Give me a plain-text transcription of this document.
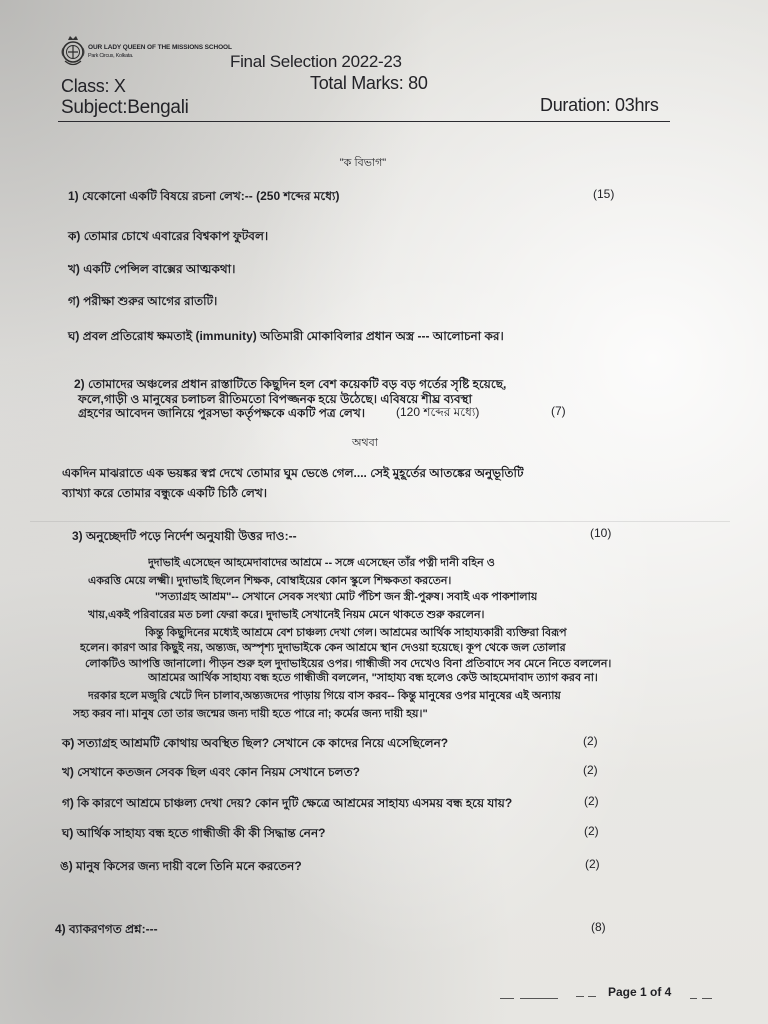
OUR LADY QUEEN OF THE MISSIONS SCHOOL
Park Circus, Kolkata.	Final Selection 2022-23
Class: X	Total Marks: 80
Subject:Bengali	Duration: 03hrs
"ক বিভাগ"
1) যেকোনো একটি বিষয়ে রচনা লেখ:-- (250 শব্দের মধ্যে)	(15)
ক) তোমার চোখে এবারের বিশ্বকাপ ফুটবল।
খ) একটি পেন্সিল বাক্সের আত্মকথা।
গ) পরীক্ষা শুরুর আগের রাতটি।
ঘ) প্রবল প্রতিরোধ ক্ষমতাই (immunity) অতিমারী মোকাবিলার প্রধান অস্ত্র --- আলোচনা কর।
2) তোমাদের অঞ্চলের প্রধান রাস্তাটিতে কিছুদিন হল বেশ কয়েকটি বড় বড় গর্তের সৃষ্টি হয়েছে,
ফলে,গাড়ী ও মানুষের চলাচল রীতিমতো বিপজ্জনক হয়ে উঠেছে। এবিষয়ে শীঘ্র ব্যবস্থা
গ্রহণের আবেদন জানিয়ে পুরসভা কর্তৃপক্ষকে একটি পত্র লেখ।	(120 শব্দের মধ্যে)	(7)
অথবা
একদিন মাঝরাতে এক ভয়ঙ্কর স্বপ্ন দেখে তোমার ঘুম ভেঙে গেল.... সেই মুহূর্তের আতঙ্কের অনুভূতিটি
ব্যাখ্যা করে তোমার বন্ধুকে একটি চিঠি লেখ।
3) অনুচ্ছেদটি পড়ে নির্দেশ অনুযায়ী উত্তর দাও:--	(10)
দুদাভাই এসেছেন আহমেদাবাদের আশ্রমে -- সঙ্গে এসেছেন তাঁর পত্নী দানী বহিন ও
একরত্তি মেয়ে লক্ষ্মী। দুদাভাই ছিলেন শিক্ষক, বোম্বাইয়ের কোন স্কুলে শিক্ষকতা করতেন।
"সত্যাগ্রহ আশ্রম"-- সেখানে সেবক সংখ্যা মোট পঁচিশ জন স্ত্রী-পুরুষ। সবাই এক পাকশালায়
খায়,একই পরিবারের মত চলা ফেরা করে। দুদাভাই সেখানেই নিয়ম মেনে থাকতে শুরু করলেন।
কিন্তু কিছুদিনের মধ্যেই আশ্রমে বেশ চাঞ্চল্য দেখা গেল। আশ্রমের আর্থিক সাহায্যকারী ব্যক্তিরা বিরূপ
হলেন। কারণ আর কিছুই নয়, অন্ত্যজ, অস্পৃশ্য দুদাভাইকে কেন আশ্রমে স্থান দেওয়া হয়েছে। কূপ থেকে জল তোলার
লোকটিও আপত্তি জানালো। পীড়ন শুরু হল দুদাভাইয়ের ওপর। গান্ধীজী সব দেখেও বিনা প্রতিবাদে সব মেনে নিতে বললেন।
আশ্রমের আর্থিক সাহায্য বন্ধ হতে গান্ধীজী বললেন, "সাহায্য বন্ধ হলেও কেউ আহমেদাবাদ ত্যাগ করব না।
দরকার হলে মজুরি খেটে দিন চালাব,অন্ত্যজদের পাড়ায় গিয়ে বাস করব-- কিন্তু মানুষের ওপর মানুষের এই অন্যায়
সহ্য করব না। মানুষ তো তার জন্মের জন্য দায়ী হতে পারে না; কর্মের জন্য দায়ী হয়।"
ক) সত্যাগ্রহ আশ্রমটি কোথায় অবস্থিত ছিল? সেখানে কে কাদের নিয়ে এসেছিলেন?	(2)
খ) সেখানে কতজন সেবক ছিল এবং কোন নিয়ম সেখানে চলত?	(2)
গ) কি কারণে আশ্রমে চাঞ্চল্য দেখা দেয়? কোন দুটি ক্ষেত্রে আশ্রমের সাহায্য এসময় বন্ধ হয়ে যায়?	(2)
ঘ) আর্থিক সাহায্য বন্ধ হতে গান্ধীজী কী কী সিদ্ধান্ত নেন?	(2)
ঙ) মানুষ কিসের জন্য দায়ী বলে তিনি মনে করতেন?	(2)
4) ব্যাকরণগত প্রশ্ন:---	(8)
Page 1 of 4
